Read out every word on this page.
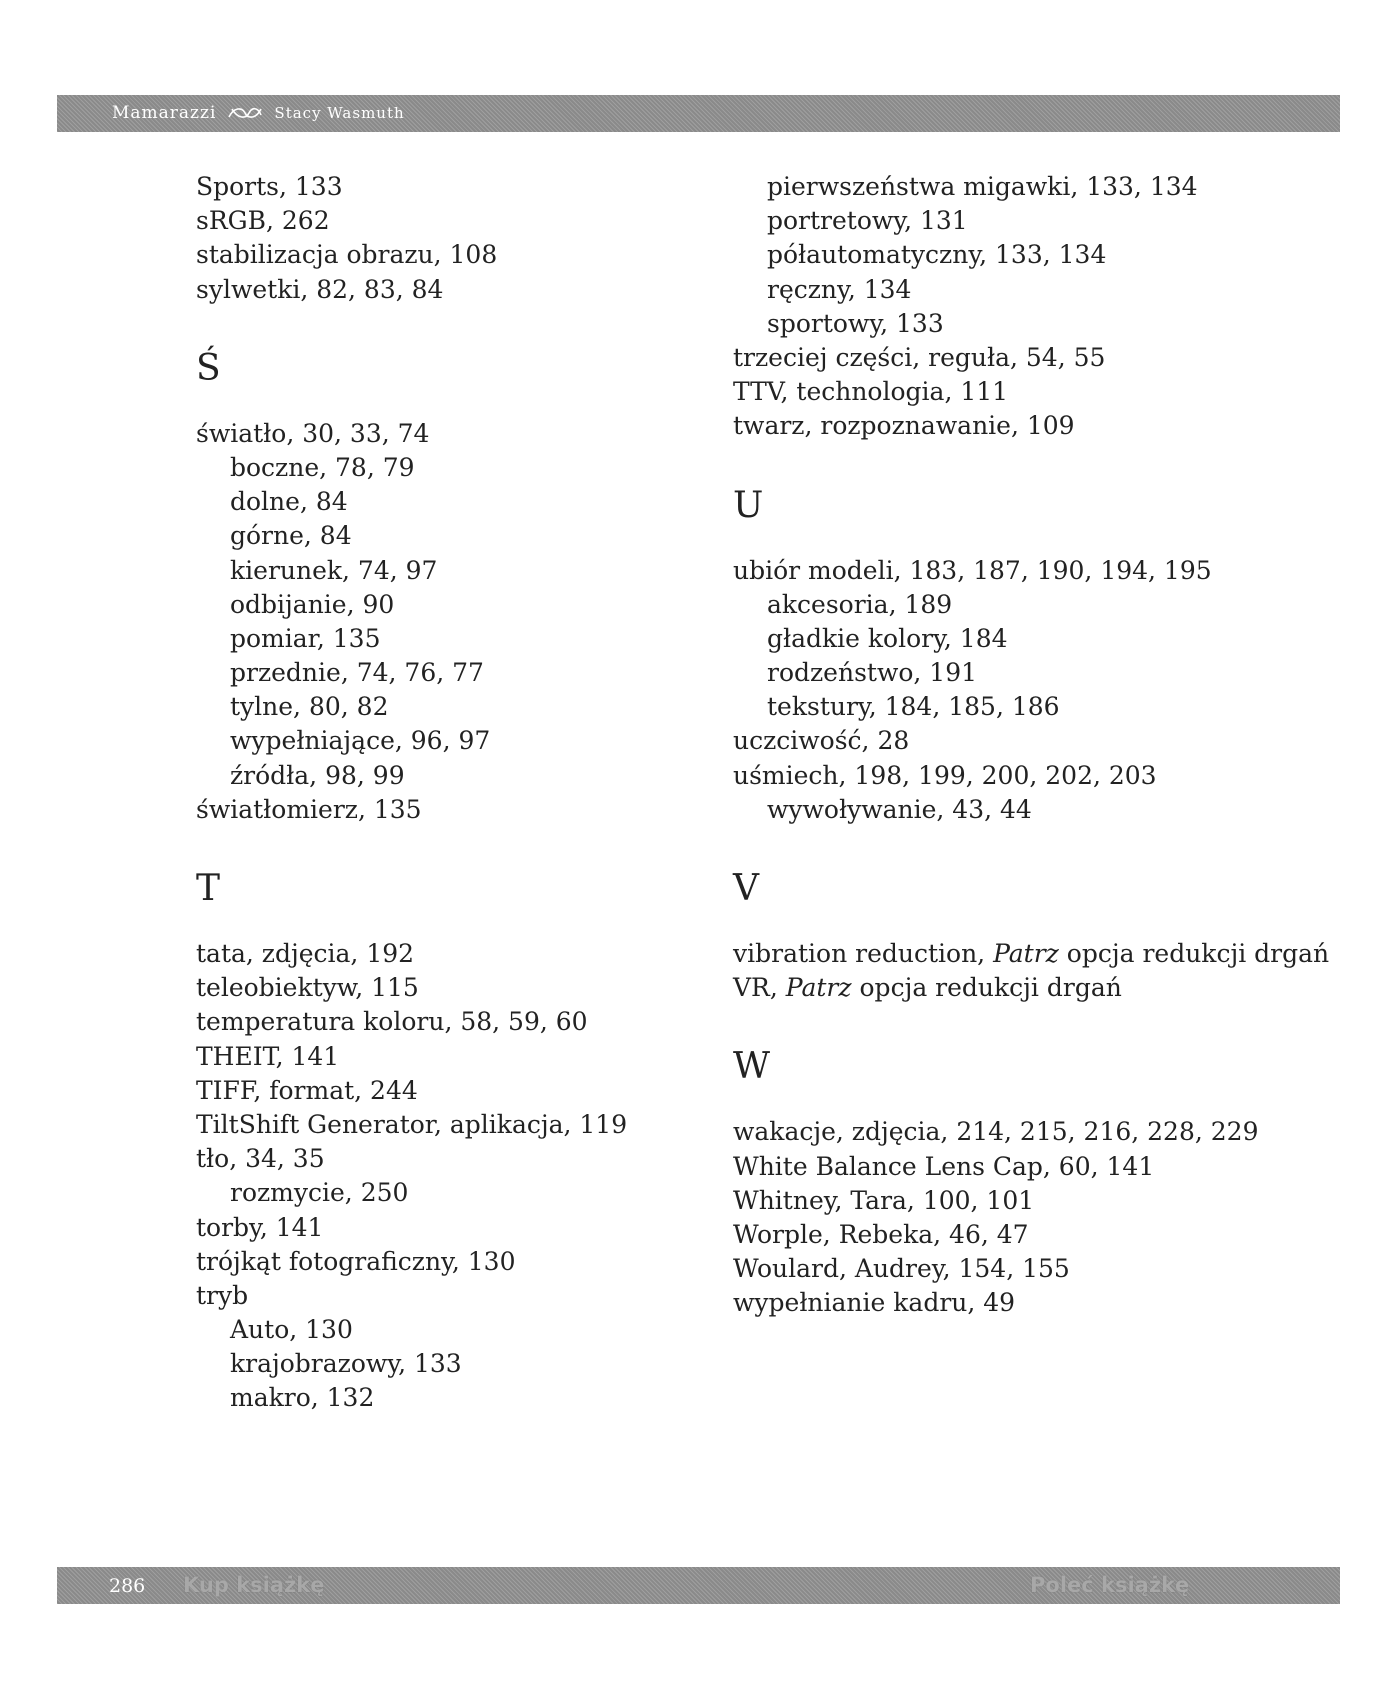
Mamarazzi	Stacy Wasmuth
Sports, 133
sRGB, 262
stabilizacja obrazu, 108
sylwetki, 82, 83, 84
Ś
światło, 30, 33, 74
boczne, 78, 79
dolne, 84
górne, 84
kierunek, 74, 97
odbijanie, 90
pomiar, 135
przednie, 74, 76, 77
tylne, 80, 82
wypełniające, 96, 97
źródła, 98, 99
światłomierz, 135
T
tata, zdjęcia, 192
teleobiektyw, 115
temperatura koloru, 58, 59, 60
THEIT, 141
TIFF, format, 244
TiltShift Generator, aplikacja, 119
tło, 34, 35
rozmycie, 250
torby, 141
trójkąt fotograficzny, 130
tryb
Auto, 130
krajobrazowy, 133
makro, 132
pierwszeństwa migawki, 133, 134
portretowy, 131
półautomatyczny, 133, 134
ręczny, 134
sportowy, 133
trzeciej części, reguła, 54, 55
TTV, technologia, 111
twarz, rozpoznawanie, 109
U
ubiór modeli, 183, 187, 190, 194, 195
akcesoria, 189
gładkie kolory, 184
rodzeństwo, 191
tekstury, 184, 185, 186
uczciwość, 28
uśmiech, 198, 199, 200, 202, 203
wywoływanie, 43, 44
V
vibration reduction, Patrz opcja redukcji drgań
VR, Patrz opcja redukcji drgań
W
wakacje, zdjęcia, 214, 215, 216, 228, 229
White Balance Lens Cap, 60, 141
Whitney, Tara, 100, 101
Worple, Rebeka, 46, 47
Woulard, Audrey, 154, 155
wypełnianie kadru, 49
286 Kup książkę	Poleć książkę
